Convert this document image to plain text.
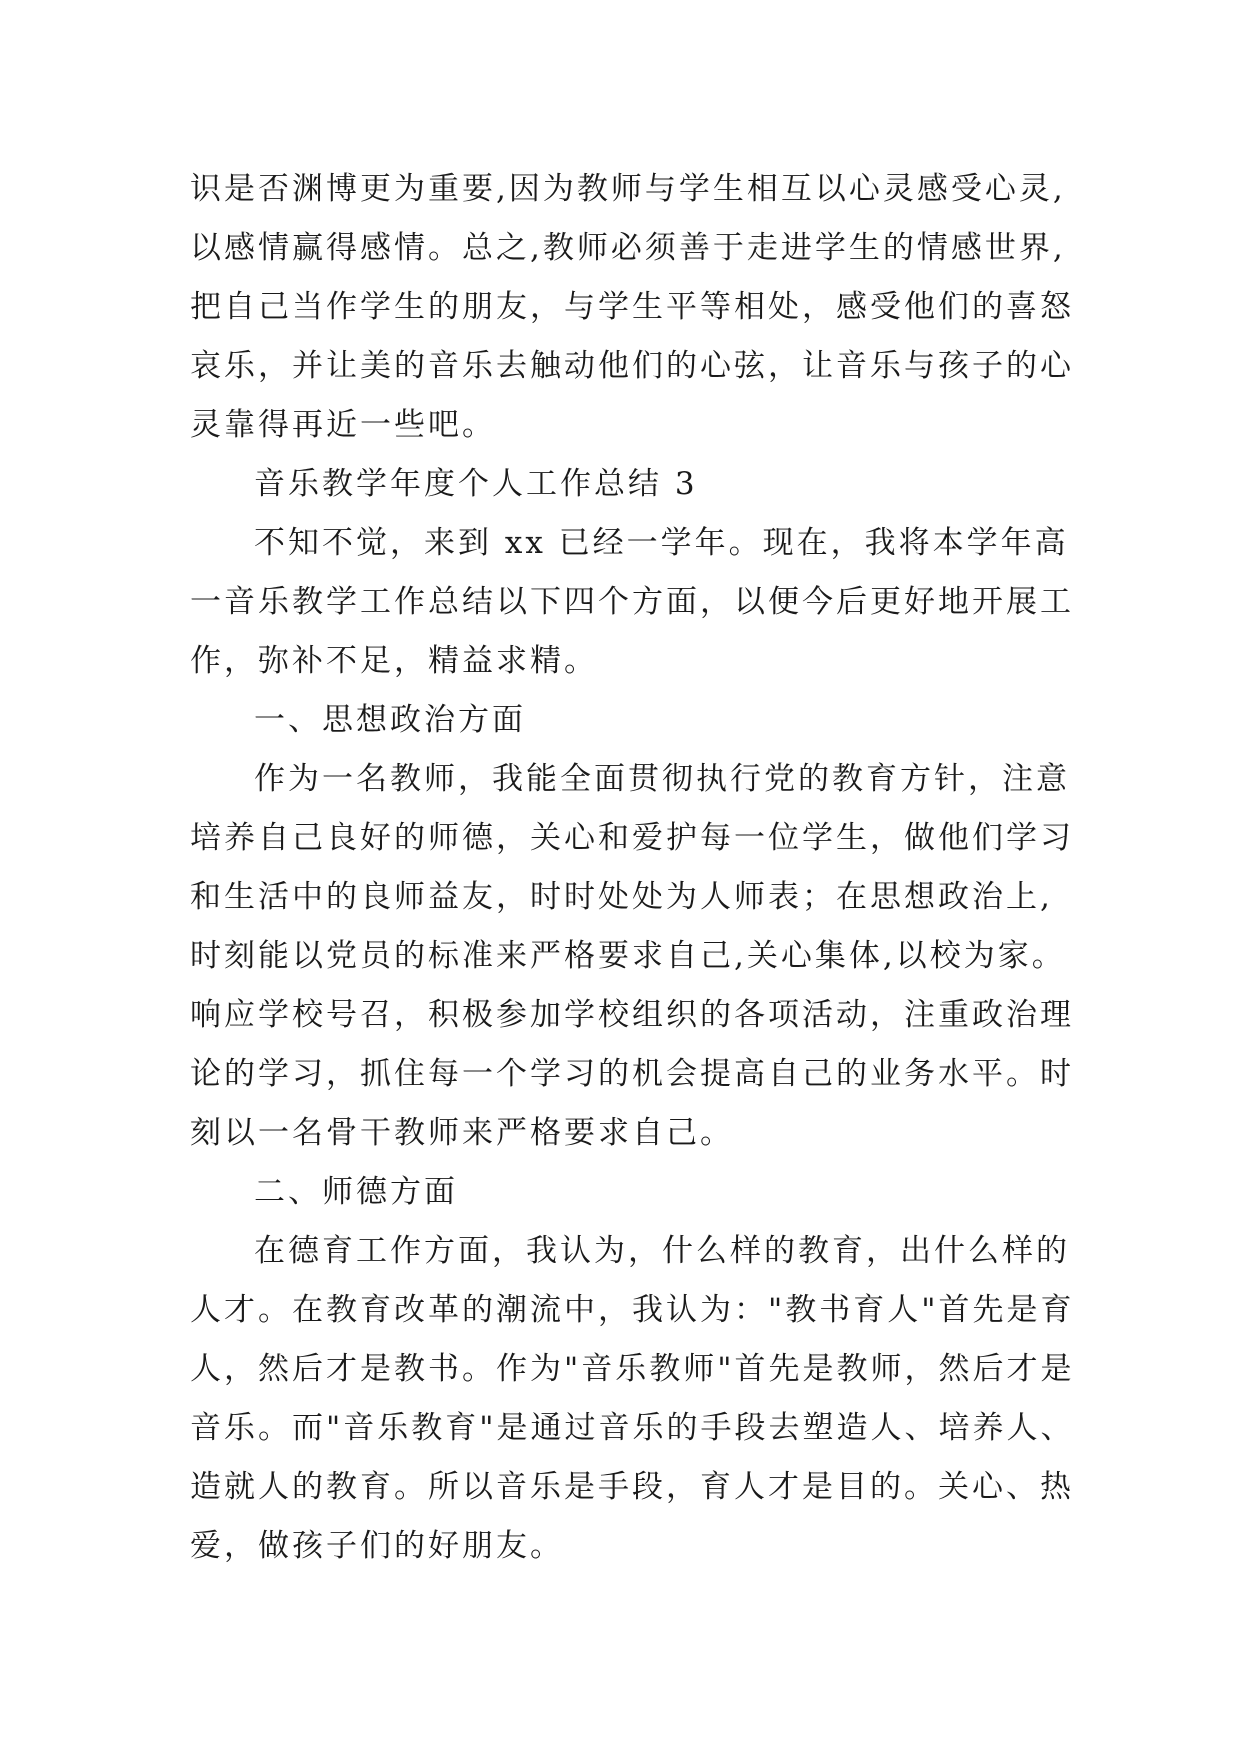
识是否渊博更为重要,因为教师与学生相互以心灵感受心灵,
以感情赢得感情。总之,教师必须善于走进学生的情感世界,
把自己当作学生的朋友，与学生平等相处，感受他们的喜怒
哀乐，并让美的音乐去触动他们的心弦，让音乐与孩子的心
灵靠得再近一些吧。
音乐教学年度个人工作总结 3
不知不觉，来到 xx 已经一学年。现在，我将本学年高
一音乐教学工作总结以下四个方面，以便今后更好地开展工
作，弥补不足，精益求精。
一、思想政治方面
作为一名教师，我能全面贯彻执行党的教育方针，注意
培养自己良好的师德，关心和爱护每一位学生，做他们学习
和生活中的良师益友，时时处处为人师表；在思想政治上,
时刻能以党员的标准来严格要求自己,关心集体,以校为家。
响应学校号召，积极参加学校组织的各项活动，注重政治理
论的学习，抓住每一个学习的机会提高自己的业务水平。时
刻以一名骨干教师来严格要求自己。
二、师德方面
在德育工作方面，我认为，什么样的教育，出什么样的
人才。在教育改革的潮流中，我认为："教书育人"首先是育
人，然后才是教书。作为"音乐教师"首先是教师，然后才是
音乐。而"音乐教育"是通过音乐的手段去塑造人、培养人、
造就人的教育。所以音乐是手段，育人才是目的。关心、热
爱，做孩子们的好朋友。
